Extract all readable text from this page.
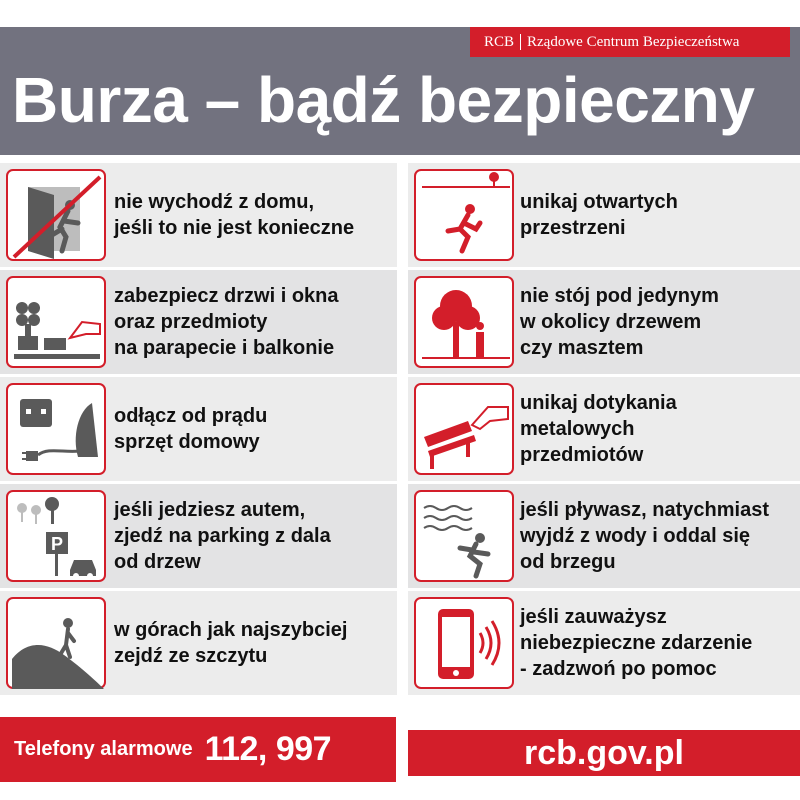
RCB Rządowe Centrum Bezpieczeństwa
Burza – bądź bezpieczny
nie wychodź z domu,
jeśli to nie jest konieczne
unikaj otwartych
przestrzeni
zabezpiecz drzwi i okna
oraz przedmioty
na parapecie i balkonie
nie stój pod jedynym
w okolicy drzewem
czy masztem
odłącz od prądu
sprzęt domowy
unikaj dotykania
metalowych
przedmiotów
P
jeśli jedziesz autem,
zjedź na parking z dala
od drzew
jeśli pływasz, natychmiast
wyjdź z wody i oddal się
od brzegu
w górach jak najszybciej
zejdź ze szczytu
jeśli zauważysz
niebezpieczne zdarzenie
- zadzwoń po pomoc
Telefony alarmowe 112, 997	rcb.gov.pl
